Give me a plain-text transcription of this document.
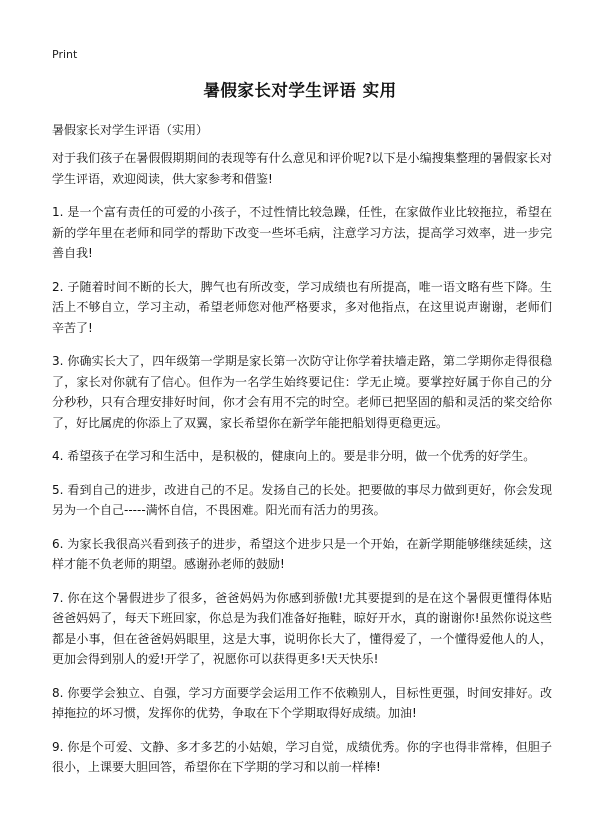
Print
暑假家长对学生评语 实用
暑假家长对学生评语（实用）

对于我们孩子在暑假假期期间的表现等有什么意见和评价呢?以下是小编搜集整理的暑假家长对学生评语，欢迎阅读，供大家参考和借鉴!

1. 是一个富有责任的可爱的小孩子，不过性情比较急躁，任性，在家做作业比较拖拉，希望在新的学年里在老师和同学的帮助下改变一些坏毛病，注意学习方法，提高学习效率，进一步完善自我!

2. 子随着时间不断的长大，脾气也有所改变，学习成绩也有所提高，唯一语文略有些下降。生活上不够自立，学习主动，希望老师您对他严格要求，多对他指点，在这里说声谢谢，老师们辛苦了!

3. 你确实长大了，四年级第一学期是家长第一次防守让你学着扶墙走路，第二学期你走得很稳了，家长对你就有了信心。但作为一名学生始终要记住：学无止境。要掌控好属于你自己的分分秒秒，只有合理安排好时间，你才会有用不完的时空。老师已把坚固的船和灵活的桨交给你了，好比属虎的你添上了双翼，家长希望你在新学年能把船划得更稳更远。

4. 希望孩子在学习和生活中，是积极的，健康向上的。要是非分明，做一个优秀的好学生。

5. 看到自己的进步，改进自己的不足。发扬自己的长处。把要做的事尽力做到更好，你会发现另为一个自己-----满怀自信，不畏困难。阳光而有活力的男孩。

6. 为家长我很高兴看到孩子的进步，希望这个进步只是一个开始，在新学期能够继续延续，这样才能不负老师的期望。感谢孙老师的鼓励!

7. 你在这个暑假进步了很多，爸爸妈妈为你感到骄傲!尤其要提到的是在这个暑假更懂得体贴爸爸妈妈了，每天下班回家，你总是为我们准备好拖鞋，晾好开水，真的谢谢你!虽然你说这些都是小事，但在爸爸妈妈眼里，这是大事，说明你长大了，懂得爱了，一个懂得爱他人的人，更加会得到别人的爱!开学了，祝愿你可以获得更多!天天快乐!

8. 你要学会独立、自强，学习方面要学会运用工作不依赖别人，目标性更强，时间安排好。改掉拖拉的坏习惯，发挥你的优势，争取在下个学期取得好成绩。加油!

9. 你是个可爱、文静、多才多艺的小姑娘，学习自觉，成绩优秀。你的字也得非常棒，但胆子很小，上课要大胆回答，希望你在下学期的学习和以前一样棒!
